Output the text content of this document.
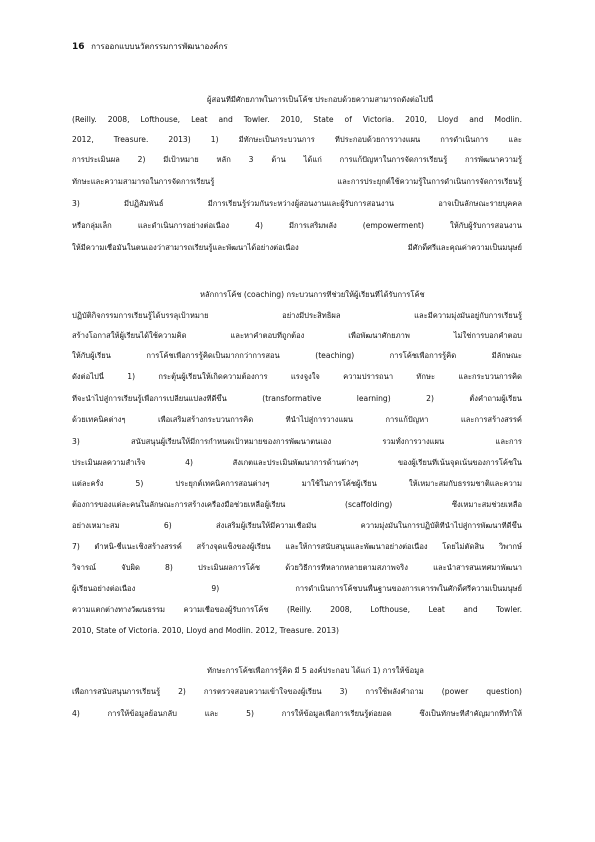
16 การออกแบบนวัตกรรมการพัฒนาองค์กร
ผู้สอนที่มีศักยภาพในการเป็นโค้ช ประกอบด้วยความสามารถดังต่อไปนี้
(Reilly. 2008, Lofthouse, Leat and Towler. 2010, State of Victoria. 2010, Lloyd and Modlin.
2012, Treasure. 2013) 1) มีทักษะเป็นกระบวนการ ที่ประกอบด้วยการวางแผน การดำเนินการ และ
การประเมินผล 2) มีเป้าหมาย หลัก 3 ด้าน ได้แก่ การแก้ปัญหาในการจัดการเรียนรู้ การพัฒนาความรู้
ทักษะและความสามารถในการจัดการเรียนรู้ และการประยุกต์ใช้ความรู้ในการดำเนินการจัดการเรียนรู้
3) มีปฏิสัมพันธ์ มีการเรียนรู้ร่วมกันระหว่างผู้สอนงานและผู้รับการสอนงาน อาจเป็นลักษณะรายบุคคล
หรือกลุ่มเล็ก และดำเนินการอย่างต่อเนื่อง 4) มีการเสริมพลัง (empowerment) ให้กับผู้รับการสอนงาน
ให้มีความเชื่อมั่นในตนเองว่าสามารถเรียนรู้และพัฒนาได้อย่างต่อเนื่อง มีศักดิ์ศรีและคุณค่าความเป็นมนุษย์
หลักการโค้ช (coaching) กระบวนการที่ช่วยให้ผู้เรียนที่ได้รับการโค้ช
ปฏิบัติกิจกรรมการเรียนรู้ได้บรรลุเป้าหมาย อย่างมีประสิทธิผล และมีความมุ่งมั่นอยู่กับการเรียนรู้
สร้างโอกาสให้ผู้เรียนได้ใช้ความคิด และหาคำตอบที่ถูกต้อง เพื่อพัฒนาศักยภาพ ไม่ใช่การบอกคำตอบ
ให้กับผู้เรียน การโค้ชเพื่อการรู้คิดเป็นมากกว่าการสอน (teaching) การโค้ชเพื่อการรู้คิด มีลักษณะ
ดังต่อไปนี้ 1) กระตุ้นผู้เรียนให้เกิดความต้องการ แรงจูงใจ ความปรารถนา ทักษะ และกระบวนการคิด
ที่จะนำไปสู่การเรียนรู้เพื่อการเปลี่ยนแปลงที่ดีขึ้น (transformative learning) 2) ตั้งคำถามผู้เรียน
ด้วยเทคนิคต่างๆ เพื่อเสริมสร้างกระบวนการคิด ที่นำไปสู่การวางแผน การแก้ปัญหา และการสร้างสรรค์
3) สนับสนุนผู้เรียนให้มีการกำหนดเป้าหมายของการพัฒนาตนเอง รวมทั้งการวางแผน และการ
ประเมินผลความสำเร็จ 4) สังเกตและประเมินพัฒนาการด้านต่างๆ ของผู้เรียนที่เน้นจุดเน้นของการโค้ชใน
แต่ละครั้ง 5) ประยุกต์เทคนิคการสอนต่างๆ มาใช้ในการโค้ชผู้เรียน ให้เหมาะสมกับธรรมชาติและความ
ต้องการของแต่ละคนในลักษณะการสร้างเครื่องมือช่วยเหลือผู้เรียน (scaffolding) ซึ่งเหมาะสมช่วยเหลือ
อย่างเหมาะสม 6) ส่งเสริมผู้เรียนให้มีความเชื่อมั่น ความมุ่งมั่นในการปฏิบัติที่นำไปสู่การพัฒนาที่ดีขึ้น
7) ตำหนิ-ชี้แนะเชิงสร้างสรรค์ สร้างจุดแข็งของผู้เรียน และให้การสนับสนุนและพัฒนาอย่างต่อเนื่อง โดยไม่ตัดสิน วิพากษ์
วิจารณ์ จับผิด 8) ประเมินผลการโค้ช ด้วยวิธีการที่หลากหลายตามสภาพจริง และนำสารสนเทศมาพัฒนา
ผู้เรียนอย่างต่อเนื่อง 9) การดำเนินการโค้ชบนพื้นฐานของการเคารพในศักดิ์ศรีความเป็นมนุษย์
ความแตกต่างทางวัฒนธรรม ความเชื่อของผู้รับการโค้ช (Reilly. 2008, Lofthouse, Leat and Towler.
2010, State of Victoria. 2010, Lloyd and Modlin. 2012, Treasure. 2013)
ทักษะการโค้ชเพื่อการรู้คิด มี 5 องค์ประกอบ ได้แก่ 1) การให้ข้อมูล
เพื่อการสนับสนุนการเรียนรู้ 2) การตรวจสอบความเข้าใจของผู้เรียน 3) การใช้พลังคำถาม (power question)
4) การให้ข้อมูลย้อนกลับ และ 5) การให้ข้อมูลเพื่อการเรียนรู้ต่อยอด ซึ่งเป็นทักษะที่สำคัญมากที่ทำให้
